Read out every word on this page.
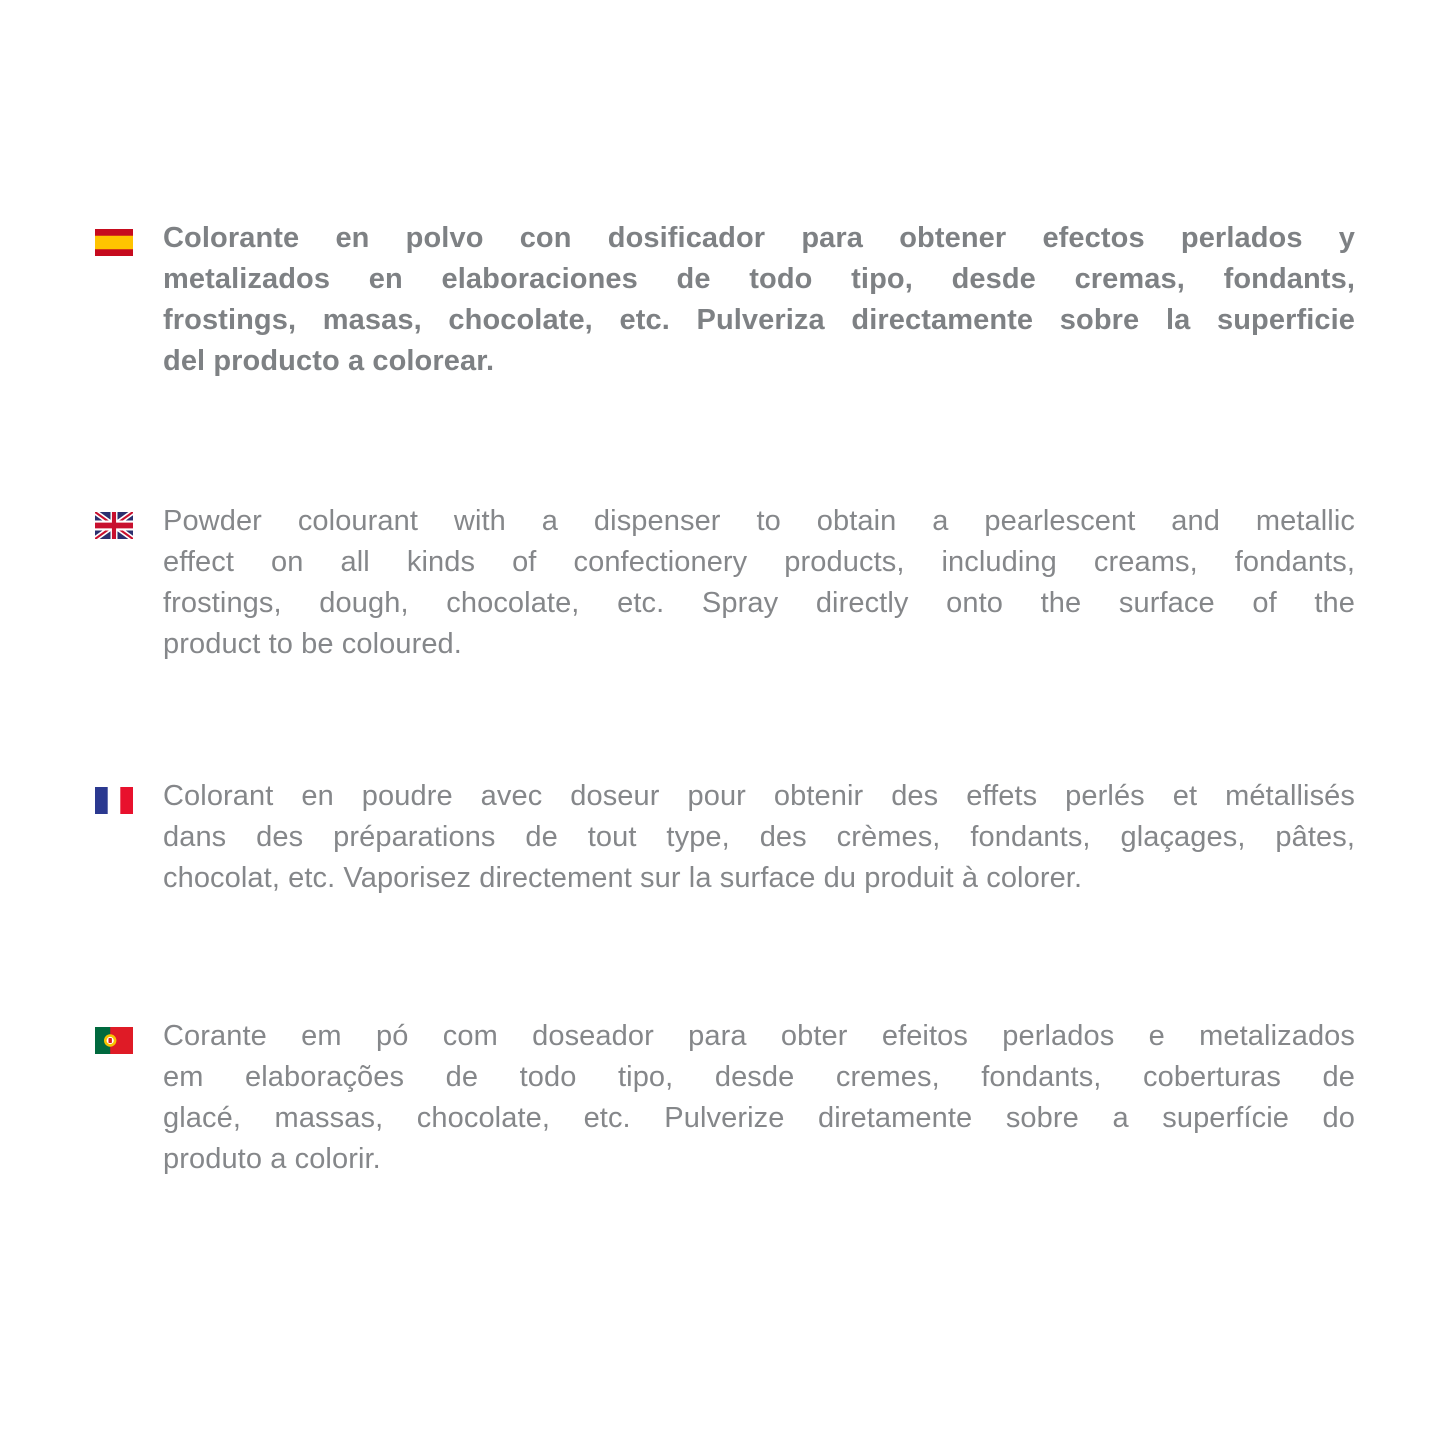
Colorante en polvo con dosificador para obtener efectos perlados y
metalizados en elaboraciones de todo tipo, desde cremas, fondants,
frostings, masas, chocolate, etc. Pulveriza directamente sobre la superficie
del producto a colorear.
Powder colourant with a dispenser to obtain a pearlescent and metallic
effect on all kinds of confectionery products, including creams, fondants,
frostings, dough, chocolate, etc. Spray directly onto the surface of the
product to be coloured.
Colorant en poudre avec doseur pour obtenir des effets perlés et métallisés
dans des préparations de tout type, des crèmes, fondants, glaçages, pâtes,
chocolat, etc. Vaporisez directement sur la surface du produit à colorer.
Corante em pó com doseador para obter efeitos perlados e metalizados
em elaborações de todo tipo, desde cremes, fondants, coberturas de
glacé, massas, chocolate, etc. Pulverize diretamente sobre a superfície do
produto a colorir.
